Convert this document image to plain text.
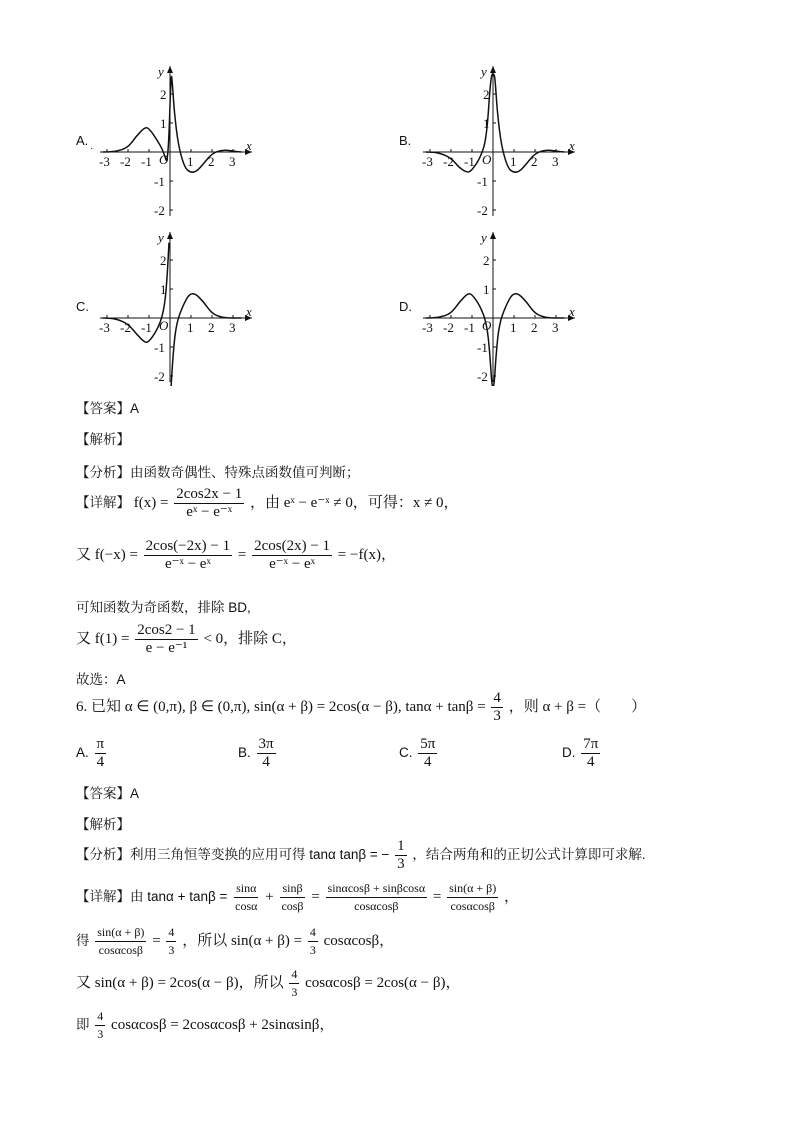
A. $_.$	B.
C.	D.
x
y
O
-3 -2 -1	1 2 3
2
1
-1
-2
x
y
O
-3 -2 -1	1 2 3
2
1
-1
-2
x
y
O
-3 -2 -1	1 2 3
2
1
-1
-2
x
y
O
-3 -2 -1	1 2 3
2
1
-1
-2
【答案】A
【解析】
【分析】由函数奇偶性、特殊点函数值可判断；
【详解】 $f(x) = \frac{2\cos 2x - 1}{\text{eˣ − e⁻ˣ}}$ ，由 eˣ − e⁻ˣ ≠ 0，可得：x ≠ 0，
又 $f(-x) = \frac{2\cos(-2x) - 1}{\text{e⁻ˣ − eˣ}} = \frac{2\cos(2x) - 1}{\text{e⁻ˣ − eˣ}} = -f(x)$，
可知函数为奇函数，排除 BD,
又 $f(1) = \frac{2\cos 2 - 1}{\text{e − e⁻¹}} < 0$，排除 C，
故选：A
6. 已知 α ∈ (0,π), β ∈ (0,π), sin(α + β) = 2cos(α − β), $\tan\alpha + \tan\beta = \frac{4}{3}$ ，则 α + β =（　　）
A. $\frac{\pi}{4}$	B. $\frac{3\pi}{4}$	C. $\frac{5\pi}{4}$	D. $\frac{7\pi}{4}$
【答案】A
【解析】
【分析】利用三角恒等变换的应用可得 tanα tanβ = − $\frac{1}{3}$ ，结合两角和的正切公式计算即可求解.
【详解】由 $\tan\alpha + \tan\beta = \frac{\sin\alpha}{\cos\alpha} + \frac{\sin\beta}{\cos\beta} = \frac{\sin\alpha\cos\beta + \sin\beta\cos\alpha}{\cos\alpha\cos\beta} = \frac{\sin(\alpha + \beta)}{\cos\alpha\cos\beta}$ ，
得 $\frac{\sin(\alpha + \beta)}{\cos\alpha\cos\beta} = \frac{4}{3}$ ，所以 $\sin(\alpha + \beta) = \frac{4}{3}$ cosαcosβ，
又 sin(α + β) = 2cos(α − β)，所以 $\frac{4}{3}$ cosαcosβ = 2cos(α − β)，
即 $\frac{4}{3}$ cosαcosβ = 2cosαcosβ + 2sinαsinβ，
